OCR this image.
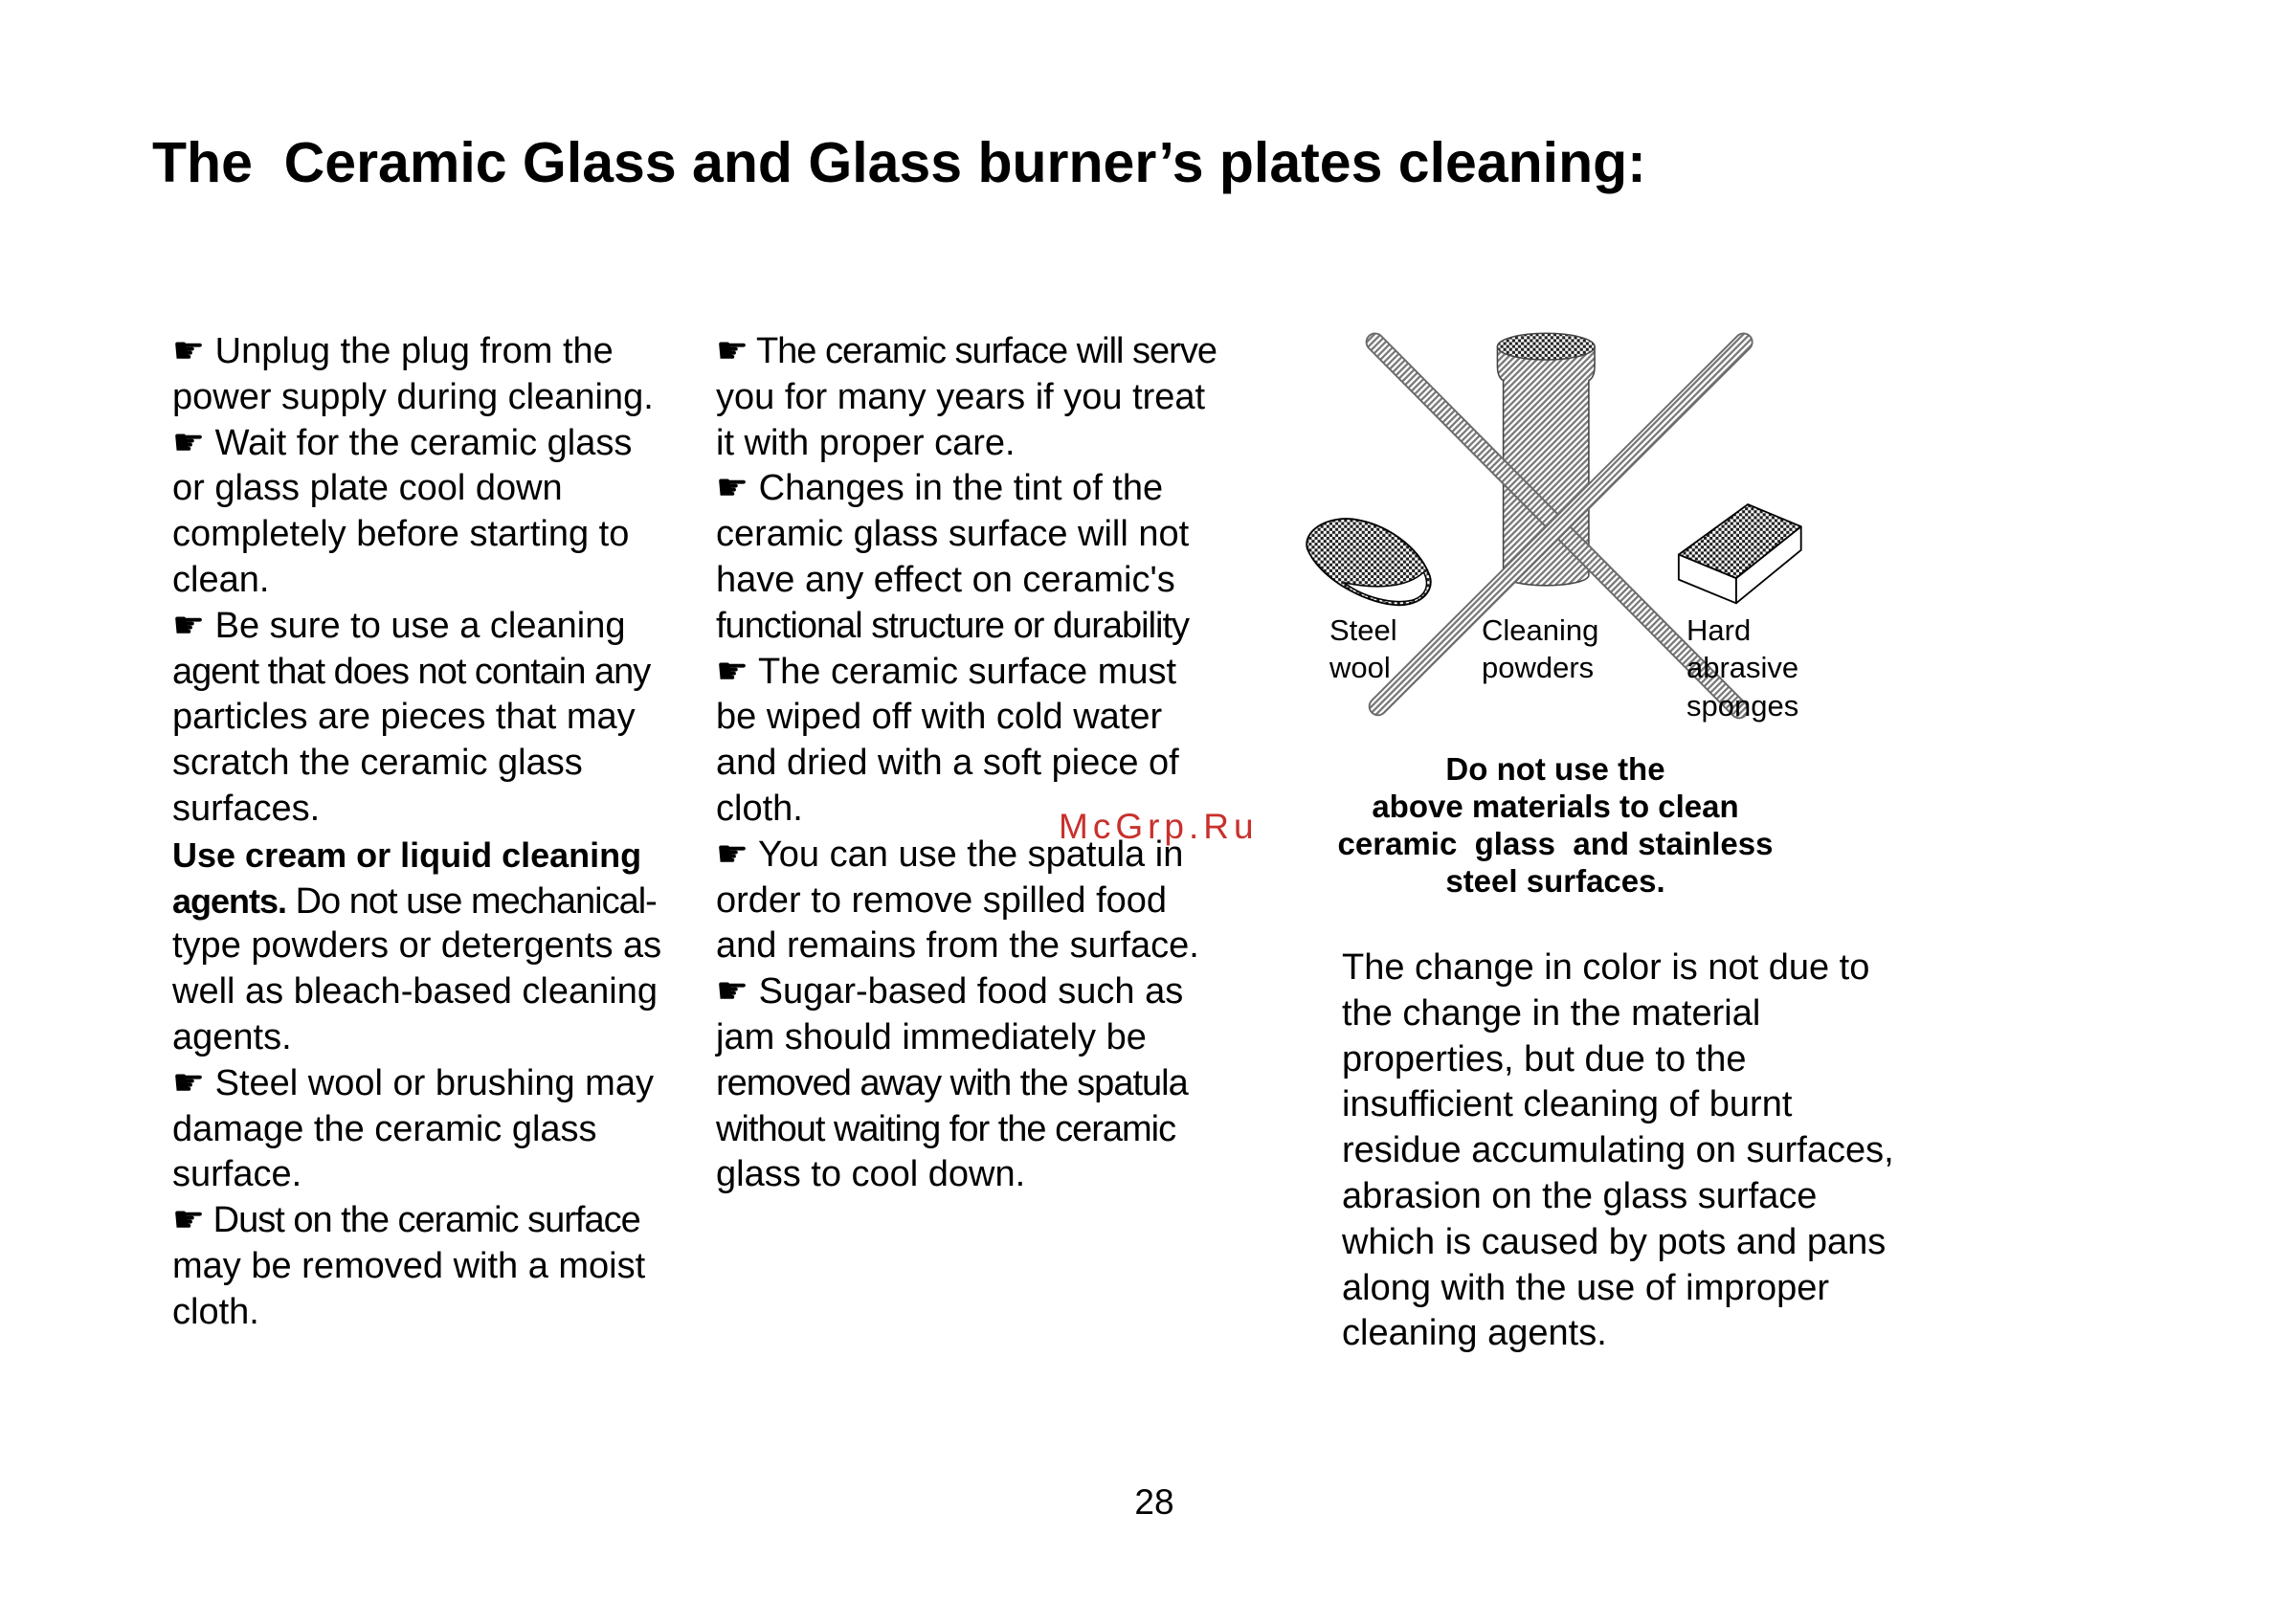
The  Ceramic Glass and Glass burner’s plates cleaning:
☛ Unplug the plug from the
power supply during cleaning.
☛ Wait for the ceramic glass
or glass plate cool down
completely before starting to
clean.
☛ Be sure to use a cleaning
agent that does not contain any
particles are pieces that may
scratch the ceramic glass
surfaces.
Use cream or liquid cleaning
agents. Do not use mechanical-
type powders or detergents as
well as bleach-based cleaning
agents.
☛ Steel wool or brushing may
damage the ceramic glass
surface.
☛ Dust on the ceramic surface
may be removed with a moist
cloth.
☛ The ceramic surface will serve
you for many years if you treat
it with proper care.
☛ Changes in the tint of the
ceramic glass surface will not
have any effect on ceramic's
functional structure or durability
☛ The ceramic surface must
be wiped off with cold water
and dried with a soft piece of
cloth.
☛ You can use the spatula in
order to remove spilled food
and remains from the surface.
☛ Sugar-based food such as
jam should immediately be
removed away with the spatula
without waiting for the ceramic
glass to cool down.
McGrp.Ru
Steel
wool
Cleaning
powders
Hard
abrasive
sponges
Do not use the
above materials to clean
ceramic  glass  and stainless
steel surfaces.
The change in color is not due to
the change in the material
properties, but due to the
insufficient cleaning of burnt
residue accumulating on surfaces,
abrasion on the glass surface
which is caused by pots and pans
along with the use of improper
cleaning agents.
28
